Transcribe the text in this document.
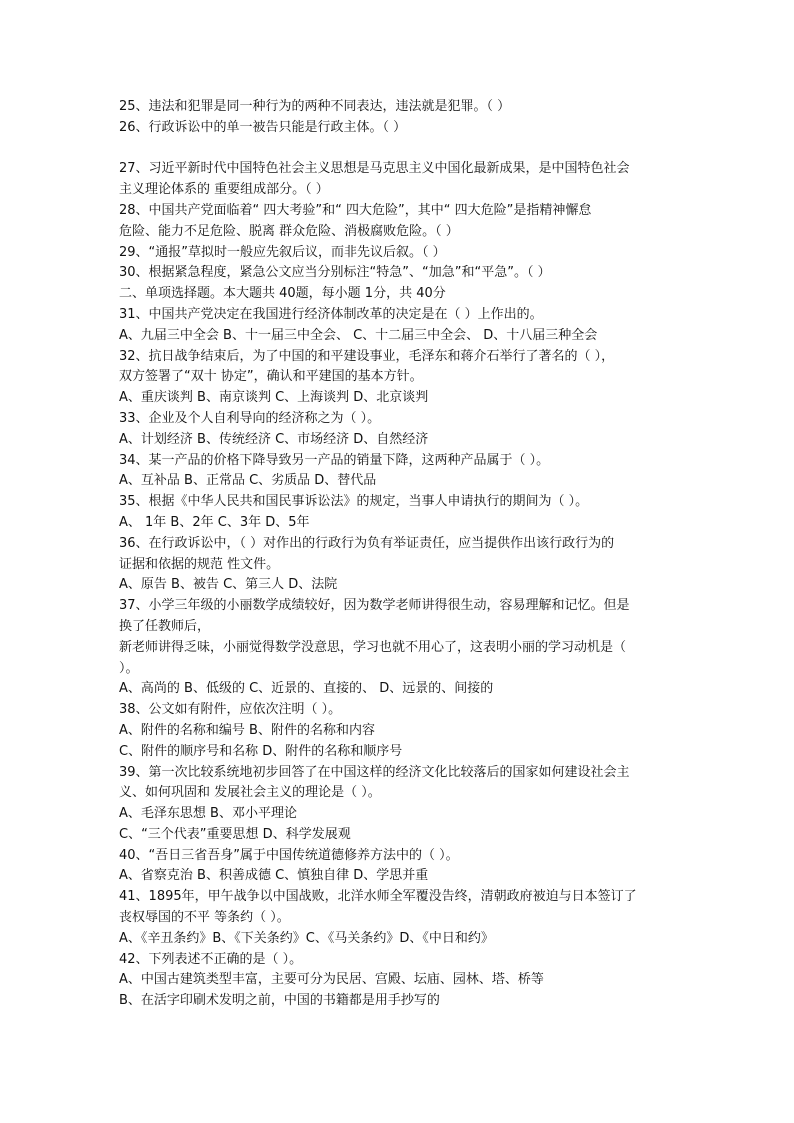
25、违法和犯罪是同一种行为的两种不同表达，违法就是犯罪。（ ）
26、行政诉讼中的单一被告只能是行政主体。（ ）
27、习近平新时代中国特色社会主义思想是马克思主义中国化最新成果，是中国特色社会
主义理论体系的 重要组成部分。（ ）
28、中国共产党面临着“ 四大考验”和“ 四大危险”，其中“ 四大危险”是指精神懈怠
危险、能力不足危险、脱离 群众危险、消极腐败危险。（ ）
29、“通报”草拟时一般应先叙后议，而非先议后叙。（ ）
30、根据紧急程度，紧急公文应当分别标注“特急”、“加急”和“平急”。（ ）
二、单项选择题。本大题共 40题，每小题 1分，共 40分
31、中国共产党决定在我国进行经济体制改革的决定是在（ ）上作出的。
A、九届三中全会 B、十一届三中全会、 C、十二届三中全会、 D、十八届三种全会
32、抗日战争结束后，为了中国的和平建设事业，毛泽东和蒋介石举行了著名的（ ），
双方签署了“双十 协定”，确认和平建国的基本方针。
A、重庆谈判 B、南京谈判 C、上海谈判 D、北京谈判
33、企业及个人自利导向的经济称之为（ ）。
A、计划经济 B、传统经济 C、市场经济 D、自然经济
34、某一产品的价格下降导致另一产品的销量下降，这两种产品属于（ ）。
A、互补品 B、正常品 C、劣质品 D、替代品
35、根据《中华人民共和国民事诉讼法》的规定，当事人申请执行的期间为（ ）。
A、 1年 B、2年 C、3年 D、5年
36、在行政诉讼中，（ ）对作出的行政行为负有举证责任，应当提供作出该行政行为的
证据和依据的规范 性文件。
A、原告 B、被告 C、第三人 D、法院
37、小学三年级的小丽数学成绩较好，因为数学老师讲得很生动，容易理解和记忆。但是
换了任教师后，
新老师讲得乏味，小丽觉得数学没意思，学习也就不用心了，这表明小丽的学习动机是（
）。
A、高尚的 B、低级的 C、近景的、直接的、 D、远景的、间接的
38、公文如有附件，应依次注明（ ）。
A、附件的名称和编号 B、附件的名称和内容
C、附件的顺序号和名称 D、附件的名称和顺序号
39、第一次比较系统地初步回答了在中国这样的经济文化比较落后的国家如何建设社会主
义、如何巩固和 发展社会主义的理论是（ ）。
A、毛泽东思想 B、邓小平理论
C、“三个代表”重要思想 D、科学发展观
40、“吾日三省吾身”属于中国传统道德修养方法中的（ ）。
A、省察克治 B、积善成德 C、慎独自律 D、学思并重
41、1895年，甲午战争以中国战败，北洋水师全军覆没告终，清朝政府被迫与日本签订了
丧权辱国的不平 等条约（ ）。
A、《辛丑条约》B、《下关条约》C、《马关条约》D、《中日和约》
42、下列表述不正确的是（ ）。
A、中国古建筑类型丰富，主要可分为民居、宫殿、坛庙、园林、塔、桥等
B、在活字印刷术发明之前，中国的书籍都是用手抄写的
